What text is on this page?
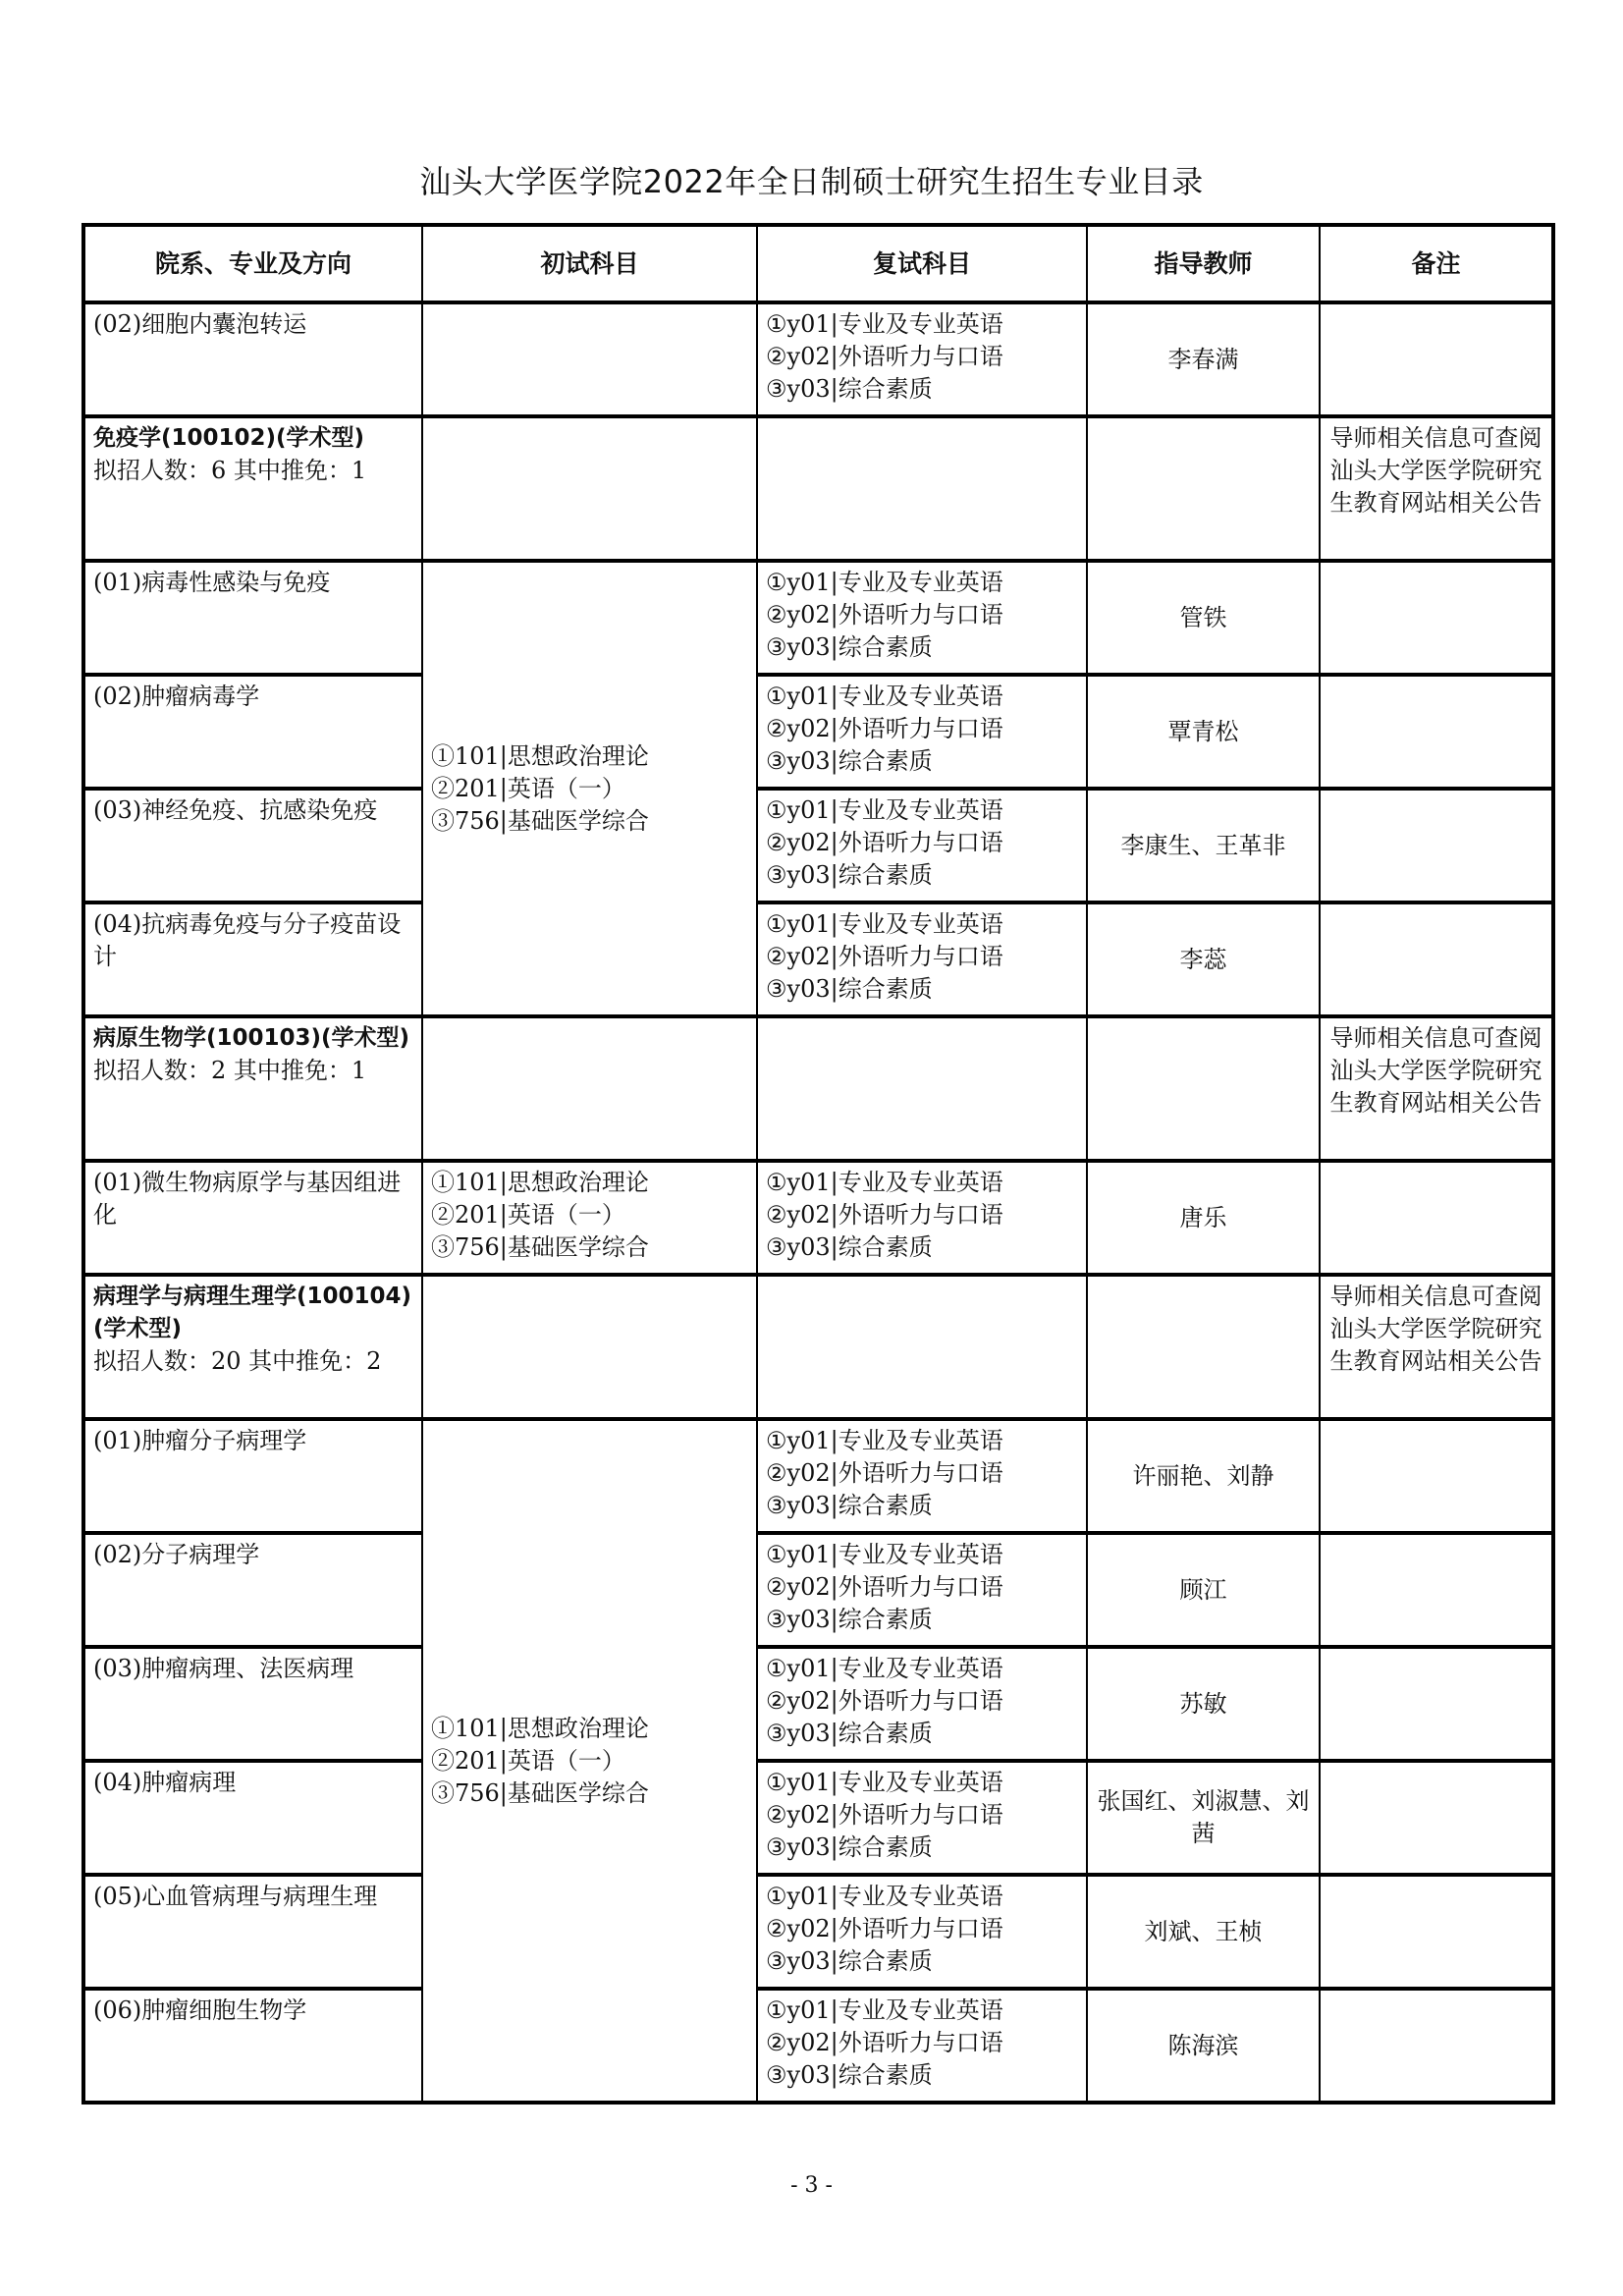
汕头大学医学院2022年全日制硕士研究生招生专业目录
院系、专业及方向	初试科目	复试科目	指导教师	备注
(02)细胞内囊泡转运		①y01|专业及专业英语
②y02|外语听力与口语
③y03|综合素质	李春满	

免疫学(100102)(学术型)
拟招人数：6 其中推免：1				导师相关信息可查阅汕头大学医学院研究生教育网站相关公告
(01)病毒性感染与免疫	①101|思想政治理论
②201|英语（一）
③756|基础医学综合	①y01|专业及专业英语
②y02|外语听力与口语
③y03|综合素质	管铁	
(02)肿瘤病毒学		①y01|专业及专业英语
②y02|外语听力与口语
③y03|综合素质	覃青松	
(03)神经免疫、抗感染免疫		①y01|专业及专业英语
②y02|外语听力与口语
③y03|综合素质	李康生、王革非	
(04)抗病毒免疫与分子疫苗设计		①y01|专业及专业英语
②y02|外语听力与口语
③y03|综合素质	李蕊	

病原生物学(100103)(学术型)
拟招人数：2 其中推免：1				导师相关信息可查阅汕头大学医学院研究生教育网站相关公告
(01)微生物病原学与基因组进化	①101|思想政治理论
②201|英语（一）
③756|基础医学综合	①y01|专业及专业英语
②y02|外语听力与口语
③y03|综合素质	唐乐	

病理学与病理生理学(100104)(学术型)
拟招人数：20 其中推免：2				导师相关信息可查阅汕头大学医学院研究生教育网站相关公告
(01)肿瘤分子病理学	①101|思想政治理论
②201|英语（一）
③756|基础医学综合	①y01|专业及专业英语
②y02|外语听力与口语
③y03|综合素质	许丽艳、刘静	
(02)分子病理学		①y01|专业及专业英语
②y02|外语听力与口语
③y03|综合素质	顾江	
(03)肿瘤病理、法医病理		①y01|专业及专业英语
②y02|外语听力与口语
③y03|综合素质	苏敏	
(04)肿瘤病理		①y01|专业及专业英语
②y02|外语听力与口语
③y03|综合素质	张国红、刘淑慧、刘茜	
(05)心血管病理与病理生理		①y01|专业及专业英语
②y02|外语听力与口语
③y03|综合素质	刘斌、王桢	
(06)肿瘤细胞生物学		①y01|专业及专业英语
②y02|外语听力与口语
③y03|综合素质	陈海滨	
- 3 -
